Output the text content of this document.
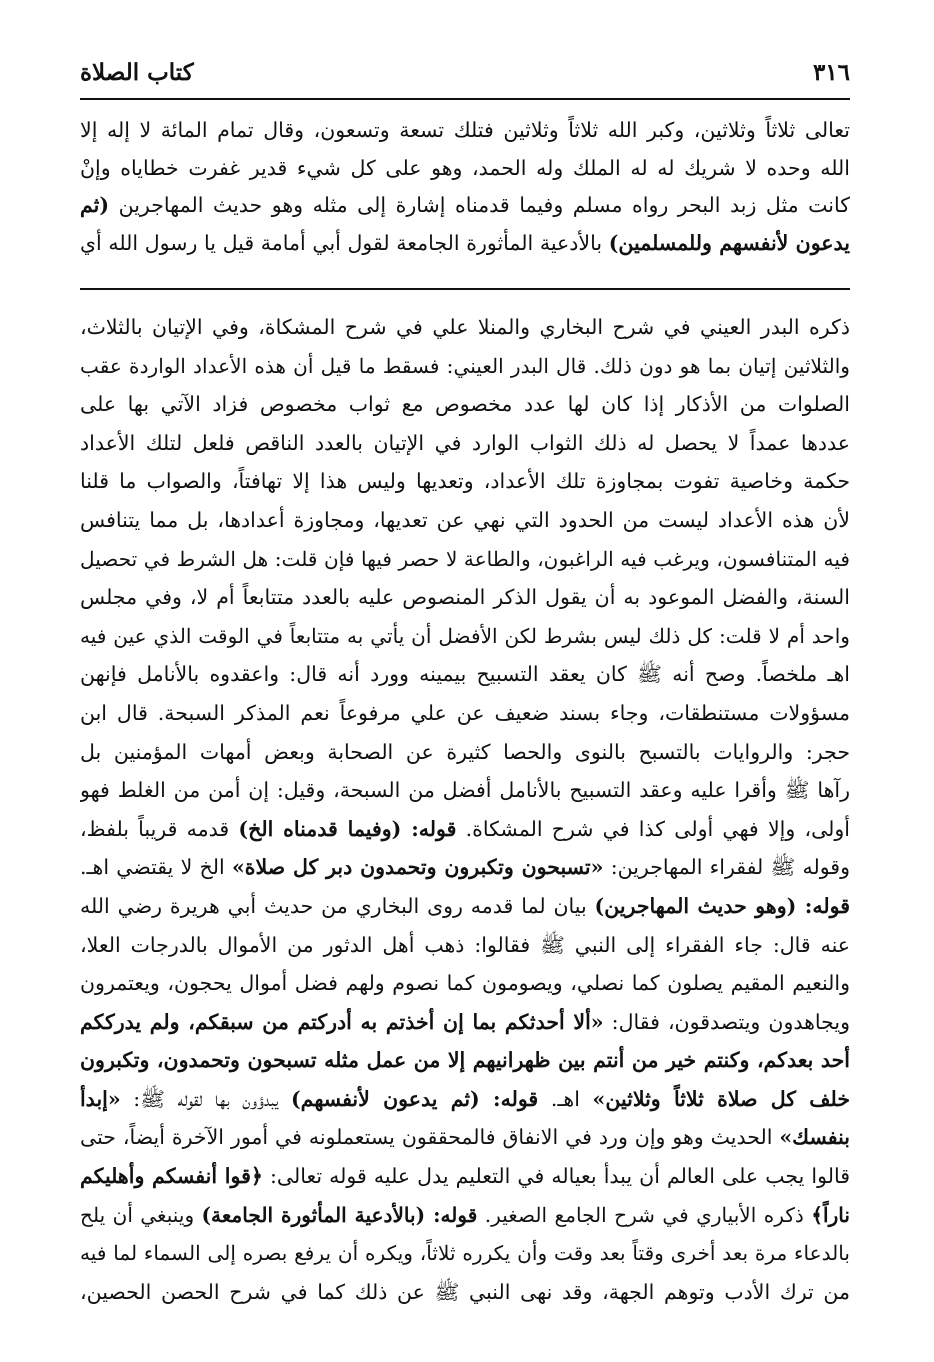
٣١٦
كتاب الصلاة
تعالى ثلاثاً وثلاثين، وكبر الله ثلاثاً وثلاثين فتلك تسعة وتسعون، وقال تمام المائة لا إله إلا
الله وحده لا شريك له له الملك وله الحمد، وهو على كل شيء قدير غفرت خطاياه وإنْ
كانت مثل زبد البحر رواه مسلم وفيما قدمناه إشارة إلى مثله وهو حديث المهاجرين (ثم
يدعون لأنفسهم وللمسلمين) بالأدعية المأثورة الجامعة لقول أبي أمامة قيل يا رسول الله أي
ذكره البدر العيني في شرح البخاري والمنلا علي في شرح المشكاة، وفي الإتيان بالثلاث،
والثلاثين إتيان بما هو دون ذلك. قال البدر العيني: فسقط ما قيل أن هذه الأعداد الواردة عقب
الصلوات من الأذكار إذا كان لها عدد مخصوص مع ثواب مخصوص فزاد الآتي بها على
عددها عمداً لا يحصل له ذلك الثواب الوارد في الإتيان بالعدد الناقص فلعل لتلك الأعداد
حكمة وخاصية تفوت بمجاوزة تلك الأعداد، وتعديها وليس هذا إلا تهافتاً، والصواب ما قلنا
لأن هذه الأعداد ليست من الحدود التي نهي عن تعديها، ومجاوزة أعدادها، بل مما يتنافس
فيه المتنافسون، ويرغب فيه الراغبون، والطاعة لا حصر فيها فإن قلت: هل الشرط في تحصيل
السنة، والفضل الموعود به أن يقول الذكر المنصوص عليه بالعدد متتابعاً أم لا، وفي مجلس
واحد أم لا قلت: كل ذلك ليس بشرط لكن الأفضل أن يأتي به متتابعاً في الوقت الذي عين فيه
اهـ ملخصاً. وصح أنه ﷺ كان يعقد التسبيح بيمينه وورد أنه قال: واعقدوه بالأنامل فإنهن
مسؤولات مستنطقات، وجاء بسند ضعيف عن علي مرفوعاً نعم المذكر السبحة. قال ابن
حجر: والروايات بالتسبح بالنوى والحصا كثيرة عن الصحابة وبعض أمهات المؤمنين بل
رآها ﷺ وأقرا عليه وعقد التسبيح بالأنامل أفضل من السبحة، وقيل: إن أمن من الغلط فهو
أولى، وإلا فهي أولى كذا في شرح المشكاة. قوله: (وفيما قدمناه الخ) قدمه قريباً بلفظ،
وقوله ﷺ لفقراء المهاجرين: «تسبحون وتكبرون وتحمدون دبر كل صلاة» الخ لا يقتضي اهـ.
قوله: (وهو حديث المهاجرين) بيان لما قدمه روى البخاري من حديث أبي هريرة رضي الله
عنه قال: جاء الفقراء إلى النبي ﷺ فقالوا: ذهب أهل الدثور من الأموال بالدرجات العلا،
والنعيم المقيم يصلون كما نصلي، ويصومون كما نصوم ولهم فضل أموال يحجون، ويعتمرون
ويجاهدون ويتصدقون، فقال: «ألا أحدثكم بما إن أخذتم به أدركتم من سبقكم، ولم يدرككم
أحد بعدكم، وكنتم خير من أنتم بين ظهرانيهم إلا من عمل مثله تسبحون وتحمدون، وتكبرون
خلف كل صلاة ثلاثاً وثلاثين» اهـ. قوله: (ثم يدعون لأنفسهم) يبدؤون بها لقوله ﷺ: «إبدأ
بنفسك» الحديث وهو وإن ورد في الانفاق فالمحققون يستعملونه في أمور الآخرة أيضاً، حتى
قالوا يجب على العالم أن يبدأ بعياله في التعليم يدل عليه قوله تعالى: ﴿قوا أنفسكم وأهليكم
ناراً﴾ ذكره الأبياري في شرح الجامع الصغير. قوله: (بالأدعية المأثورة الجامعة) وينبغي أن يلح
بالدعاء مرة بعد أخرى وقتاً بعد وقت وأن يكرره ثلاثاً، ويكره أن يرفع بصره إلى السماء لما فيه
من ترك الأدب وتوهم الجهة، وقد نهى النبي ﷺ عن ذلك كما في شرح الحصن الحصين،
